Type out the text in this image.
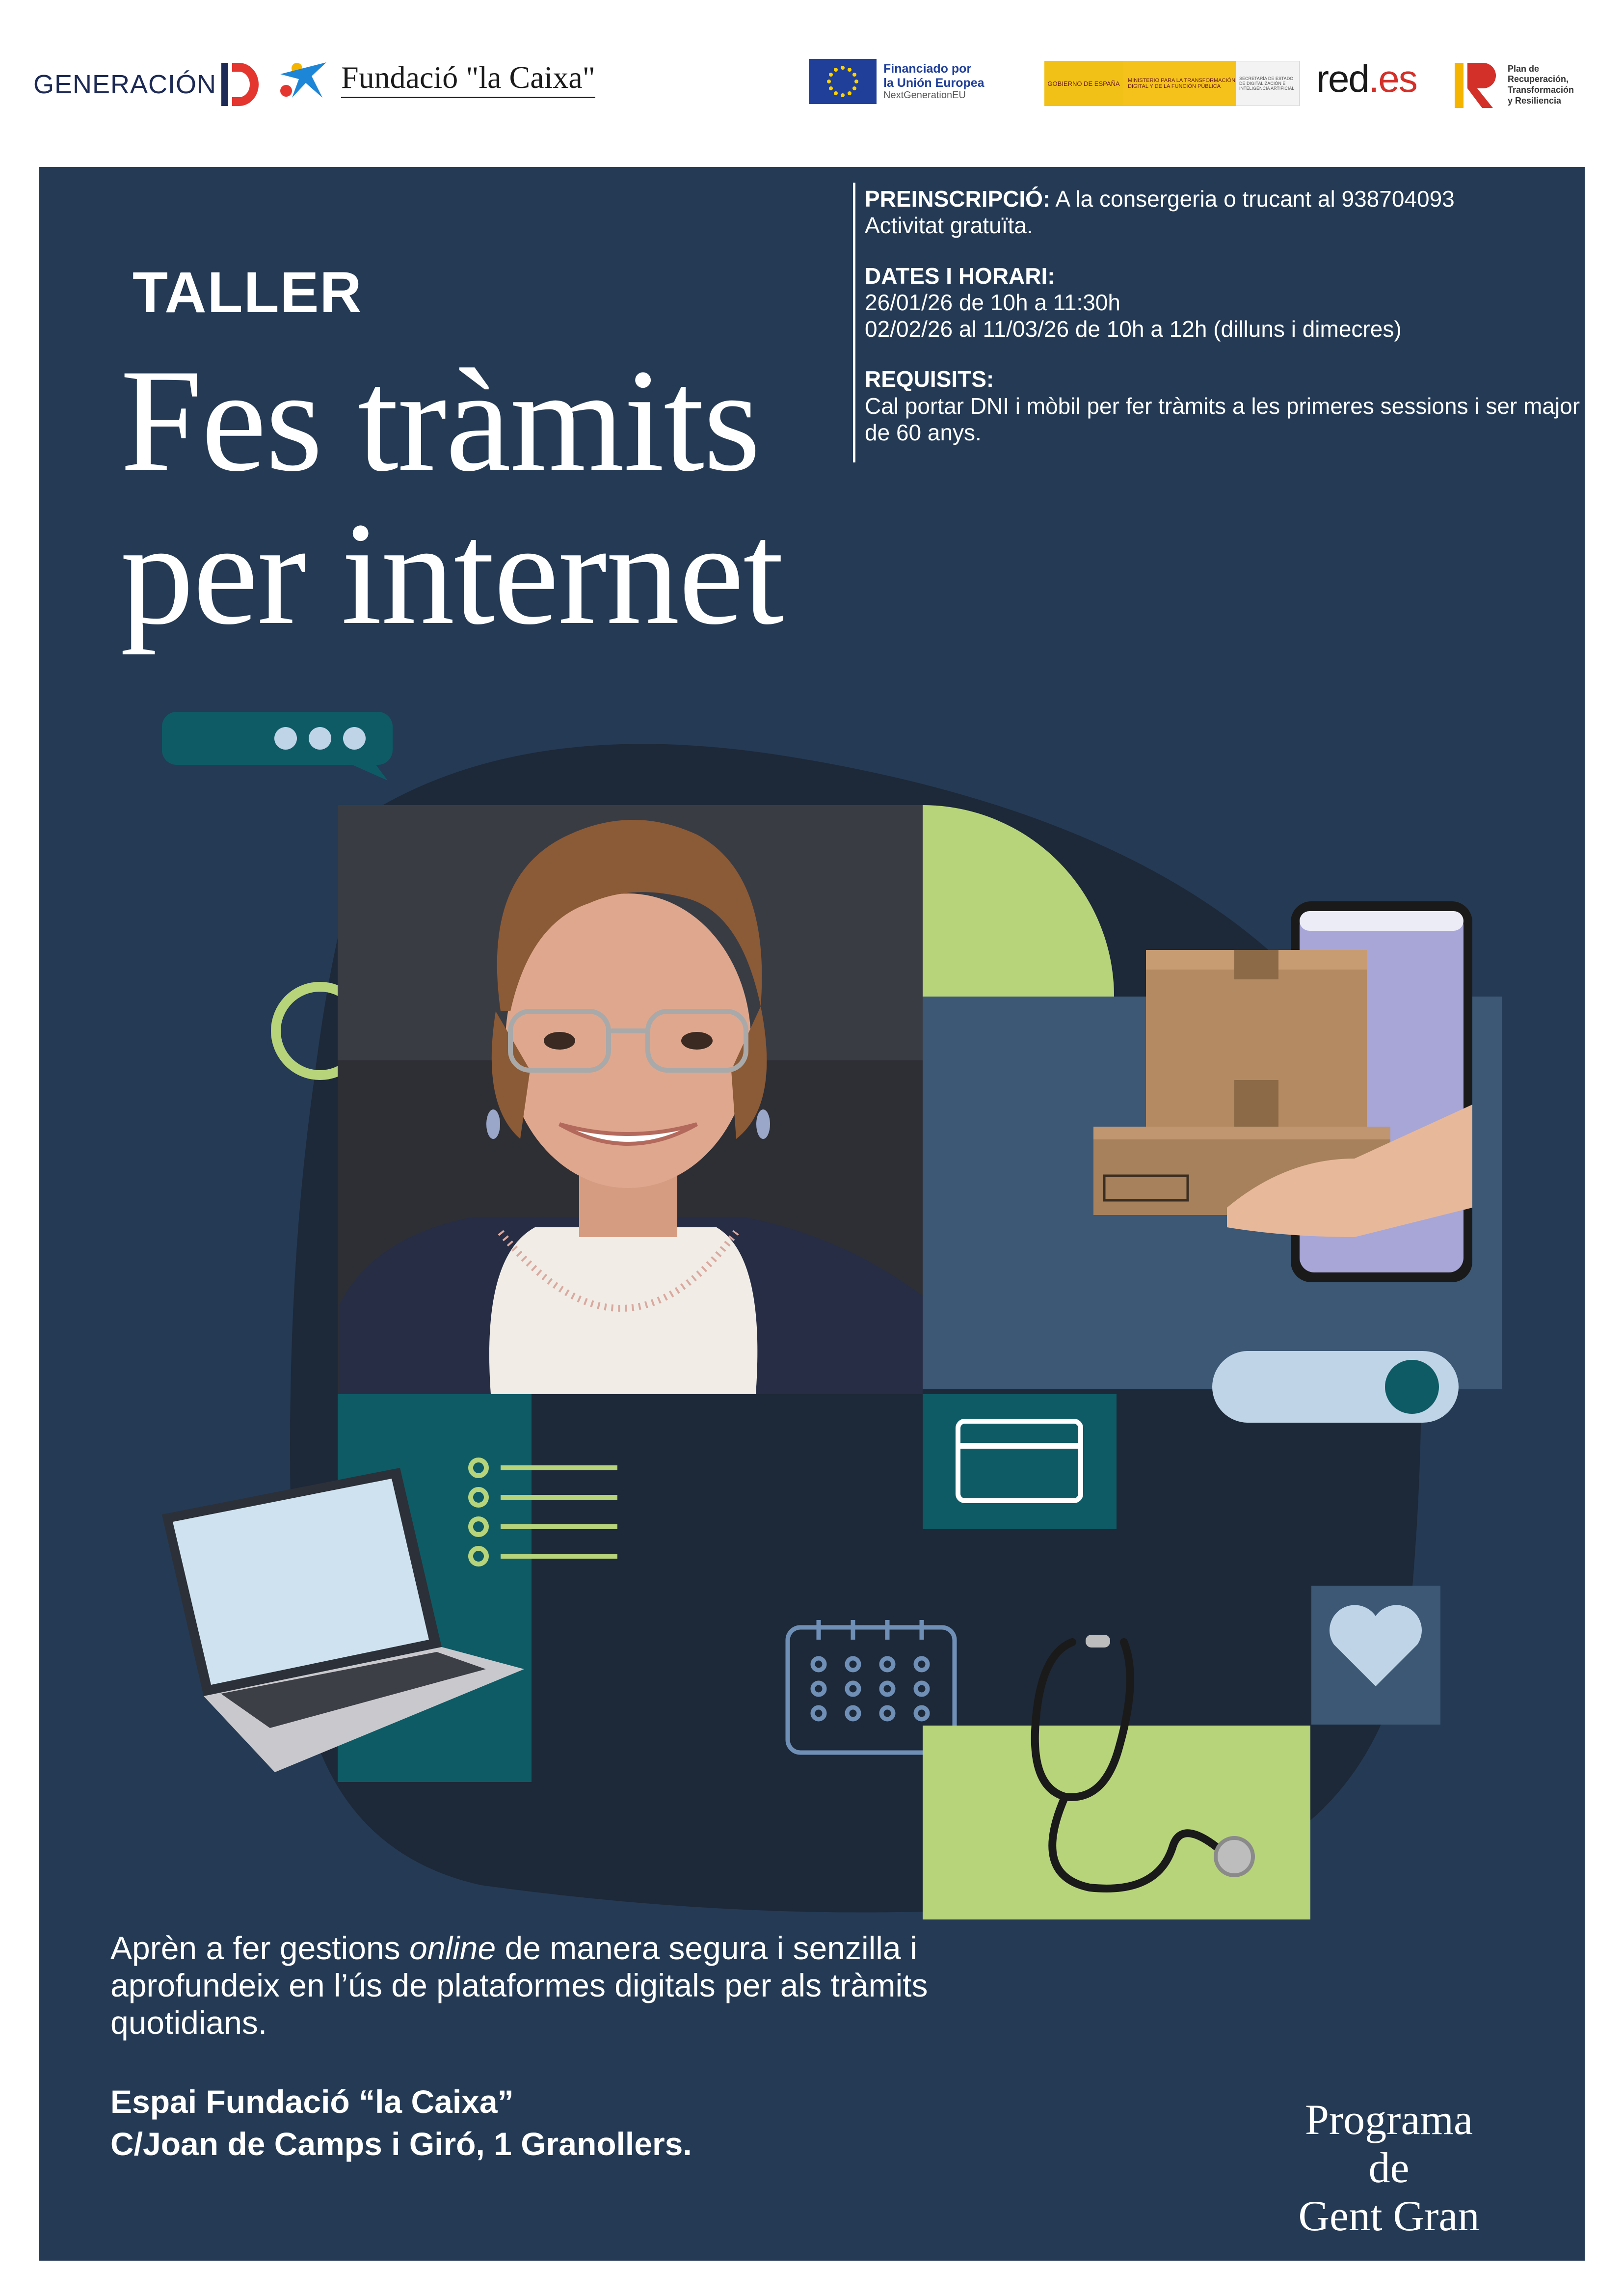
GENERACIÓN	Fundació "la Caixa"	Financiado por
la Unión Europea
NextGenerationEU
GOBIERNO DE ESPAÑA MINISTERIO PARA LA TRANSFORMACIÓN DIGITAL Y DE LA FUNCIÓN PÚBLICA
SECRETARÍA DE ESTADO DE DIGITALIZACIÓN E INTELIGENCIA ARTIFICIAL red.es	Plan de
Recuperación,
Transformación
y Resiliencia
PREINSCRIPCIÓ: A la consergeria o trucant al 938704093
Activitat gratuïta.
DATES I HORARI:
26/01/26 de 10h a 11:30h
02/02/26 al 11/03/26 de 10h a 12h (dilluns i dimecres)
REQUISITS:
Cal portar DNI i mòbil per fer tràmits a les primeres sessions i ser major de 60 anys.
TALLER
Fes tràmits
per internet
Aprèn a fer gestions online de manera segura i senzilla i aprofundeix en l’ús de plataformes digitals per als tràmits quotidians.
Espai Fundació “la Caixa”
C/Joan de Camps i Giró, 1 Granollers.	Programa de
Gent Gran
